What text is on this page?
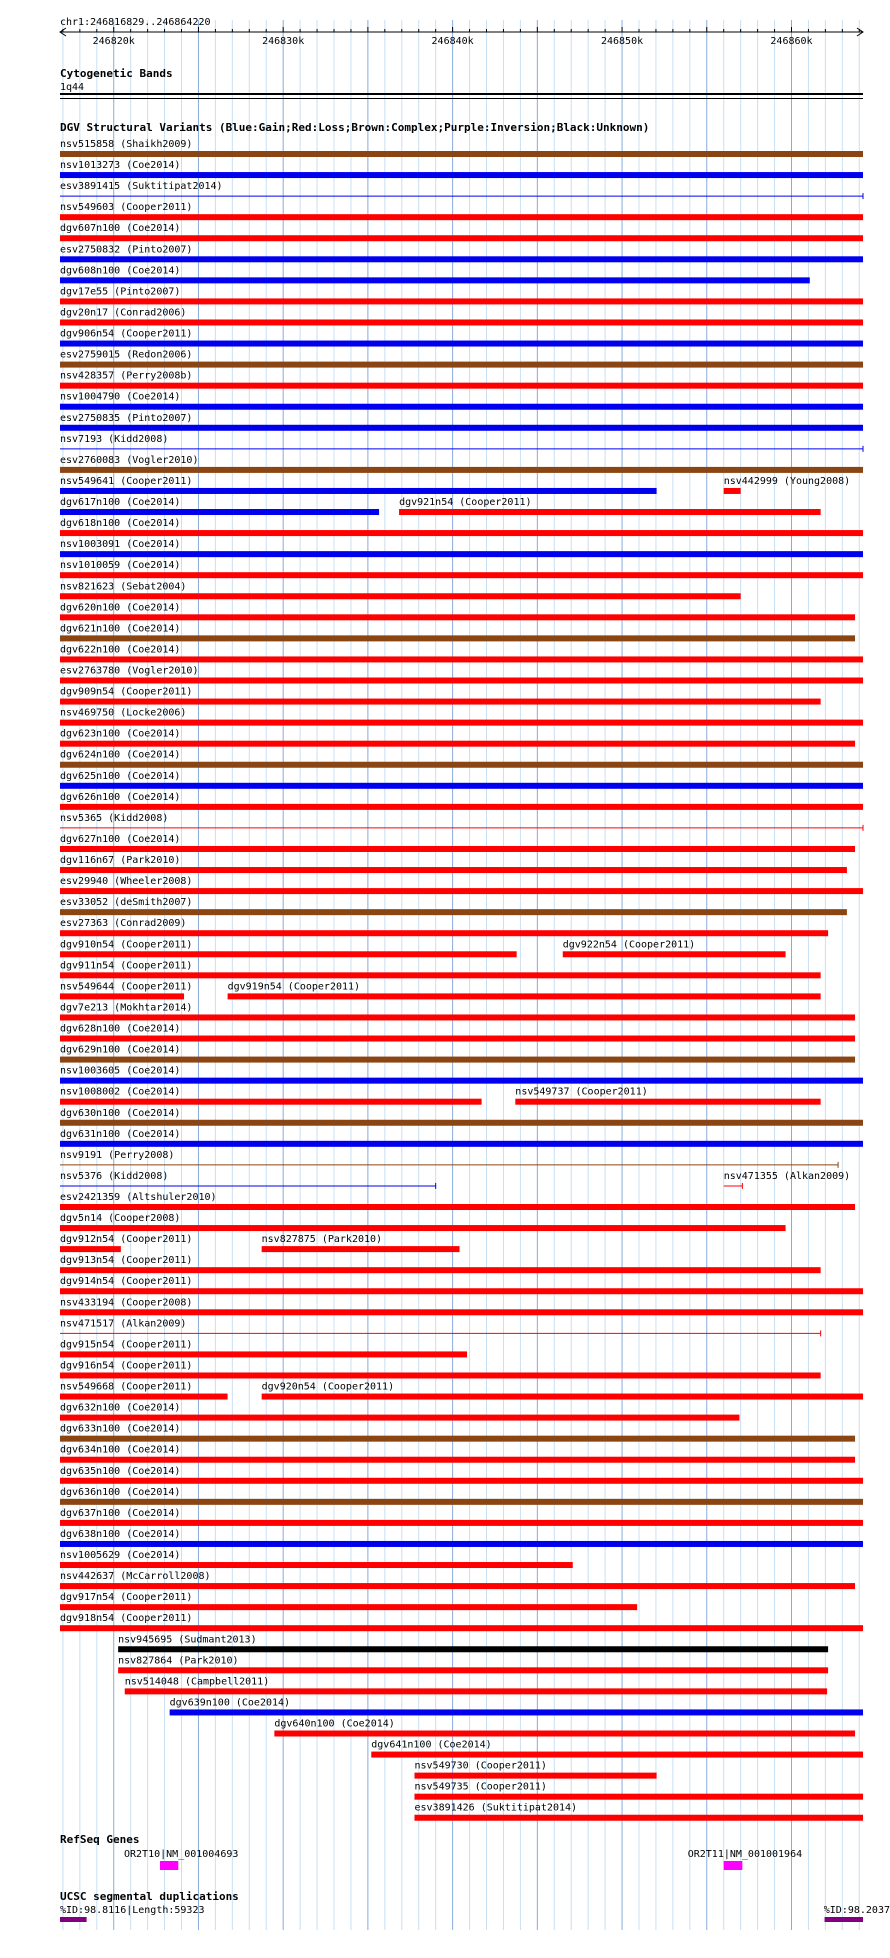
chr1:246816829..246864220
246820k	246830k	246840k	246850k	246860k
Cytogenetic Bands
1q44
DGV Structural Variants (Blue:Gain;Red:Loss;Brown:Complex;Purple:Inversion;Black:Unknown)
nsv515858 (Shaikh2009)
nsv1013273 (Coe2014)
esv3891415 (Suktitipat2014)
nsv549603 (Cooper2011)
dgv607n100 (Coe2014)
esv2750832 (Pinto2007)
dgv608n100 (Coe2014)
dgv17e55 (Pinto2007)
dgv20n17 (Conrad2006)
dgv906n54 (Cooper2011)
esv2759015 (Redon2006)
nsv428357 (Perry2008b)
nsv1004790 (Coe2014)
esv2750835 (Pinto2007)
nsv7193 (Kidd2008)
esv2760083 (Vogler2010)
nsv549641 (Cooper2011)	nsv442999 (Young2008)
dgv617n100 (Coe2014)	dgv921n54 (Cooper2011)
dgv618n100 (Coe2014)
nsv1003091 (Coe2014)
nsv1010059 (Coe2014)
nsv821623 (Sebat2004)
dgv620n100 (Coe2014)
dgv621n100 (Coe2014)
dgv622n100 (Coe2014)
esv2763780 (Vogler2010)
dgv909n54 (Cooper2011)
nsv469750 (Locke2006)
dgv623n100 (Coe2014)
dgv624n100 (Coe2014)
dgv625n100 (Coe2014)
dgv626n100 (Coe2014)
nsv5365 (Kidd2008)
dgv627n100 (Coe2014)
dgv116n67 (Park2010)
esv29940 (Wheeler2008)
esv33052 (deSmith2007)
esv27363 (Conrad2009)
dgv910n54 (Cooper2011)	dgv922n54 (Cooper2011)
dgv911n54 (Cooper2011)
nsv549644 (Cooper2011)	dgv919n54 (Cooper2011)
dgv7e213 (Mokhtar2014)
dgv628n100 (Coe2014)
dgv629n100 (Coe2014)
nsv1003605 (Coe2014)
nsv1008002 (Coe2014)	nsv549737 (Cooper2011)
dgv630n100 (Coe2014)
dgv631n100 (Coe2014)
nsv9191 (Perry2008)
nsv5376 (Kidd2008)	nsv471355 (Alkan2009)
esv2421359 (Altshuler2010)
dgv5n14 (Cooper2008)
dgv912n54 (Cooper2011)	nsv827875 (Park2010)
dgv913n54 (Cooper2011)
dgv914n54 (Cooper2011)
nsv433194 (Cooper2008)
nsv471517 (Alkan2009)
dgv915n54 (Cooper2011)
dgv916n54 (Cooper2011)
nsv549668 (Cooper2011)	dgv920n54 (Cooper2011)
dgv632n100 (Coe2014)
dgv633n100 (Coe2014)
dgv634n100 (Coe2014)
dgv635n100 (Coe2014)
dgv636n100 (Coe2014)
dgv637n100 (Coe2014)
dgv638n100 (Coe2014)
nsv1005629 (Coe2014)
nsv442637 (McCarroll2008)
dgv917n54 (Cooper2011)
dgv918n54 (Cooper2011)
nsv945695 (Sudmant2013)
nsv827864 (Park2010)
nsv514048 (Campbell2011)
dgv639n100 (Coe2014)
dgv640n100 (Coe2014)
dgv641n100 (Coe2014)
nsv549730 (Cooper2011)
nsv549735 (Cooper2011)
esv3891426 (Suktitipat2014)
RefSeq Genes
OR2T10|NM_001004693	OR2T11|NM_001001964
UCSC segmental duplications
%ID:98.8116|Length:59323	%ID:98.2037
